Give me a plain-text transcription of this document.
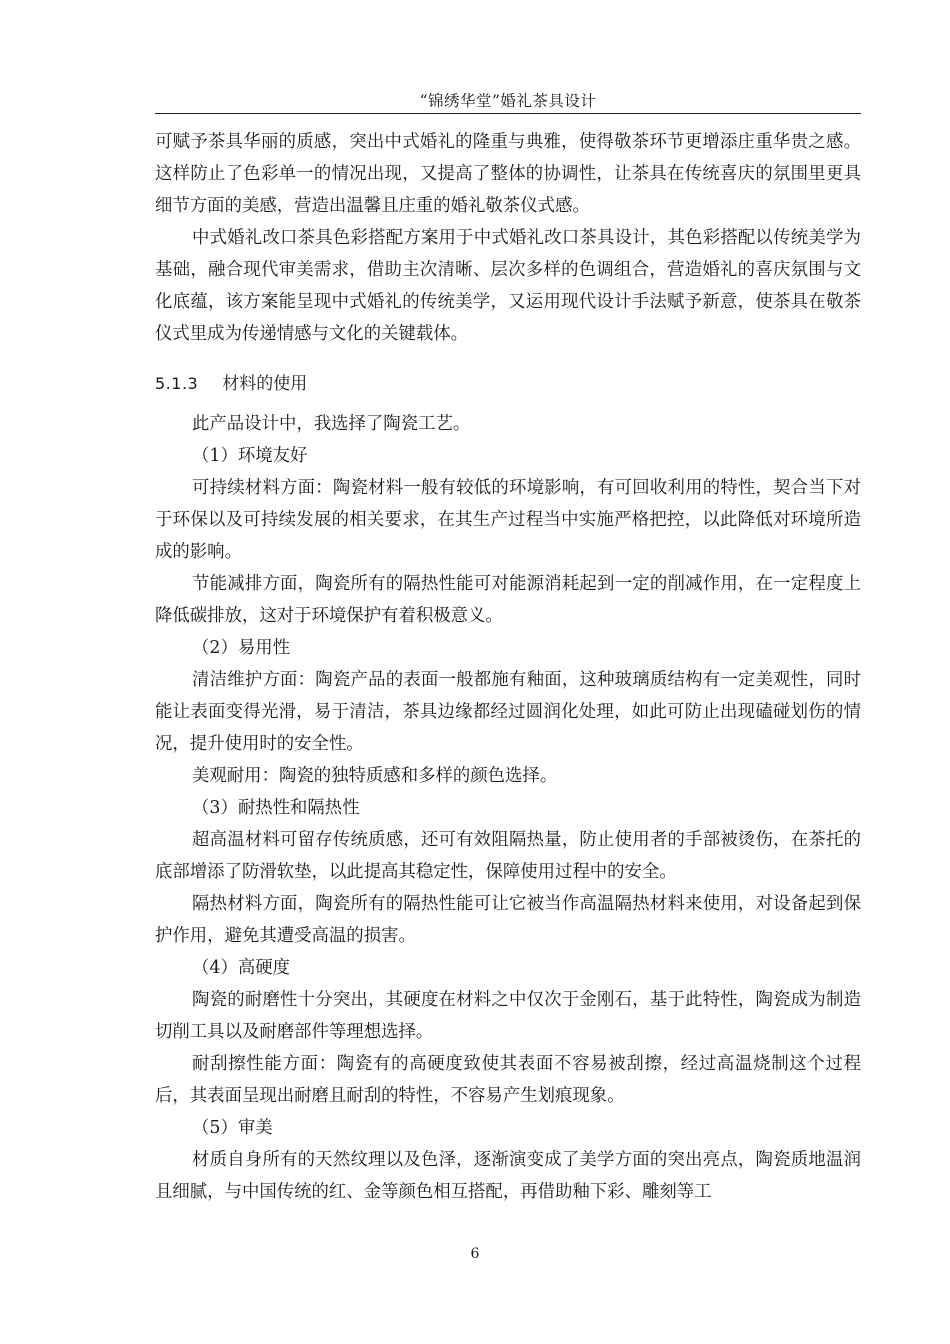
“锦绣华堂”婚礼茶具设计

可赋予茶具华丽的质感，突出中式婚礼的隆重与典雅，使得敬茶环节更增添庄重华贵之感。这样防止了色彩单一的情况出现，又提高了整体的协调性，让茶具在传统喜庆的氛围里更具细节方面的美感，营造出温馨且庄重的婚礼敬茶仪式感。

中式婚礼改口茶具色彩搭配方案用于中式婚礼改口茶具设计，其色彩搭配以传统美学为基础，融合现代审美需求，借助主次清晰、层次多样的色调组合，营造婚礼的喜庆氛围与文化底蕴，该方案能呈现中式婚礼的传统美学，又运用现代设计手法赋予新意，使茶具在敬茶仪式里成为传递情感与文化的关键载体。

5.1.3 材料的使用

此产品设计中，我选择了陶瓷工艺。

（1）环境友好

可持续材料方面：陶瓷材料一般有较低的环境影响，有可回收利用的特性，契合当下对于环保以及可持续发展的相关要求，在其生产过程当中实施严格把控，以此降低对环境所造成的影响。

节能减排方面，陶瓷所有的隔热性能可对能源消耗起到一定的削减作用，在一定程度上降低碳排放，这对于环境保护有着积极意义。

（2）易用性

清洁维护方面：陶瓷产品的表面一般都施有釉面，这种玻璃质结构有一定美观性，同时能让表面变得光滑，易于清洁，茶具边缘都经过圆润化处理，如此可防止出现磕碰划伤的情况，提升使用时的安全性。

美观耐用：陶瓷的独特质感和多样的颜色选择。

（3）耐热性和隔热性

超高温材料可留存传统质感，还可有效阻隔热量，防止使用者的手部被烫伤，在茶托的底部增添了防滑软垫，以此提高其稳定性，保障使用过程中的安全。

隔热材料方面，陶瓷所有的隔热性能可让它被当作高温隔热材料来使用，对设备起到保护作用，避免其遭受高温的损害。

（4）高硬度

陶瓷的耐磨性十分突出，其硬度在材料之中仅次于金刚石，基于此特性，陶瓷成为制造切削工具以及耐磨部件等理想选择。

耐刮擦性能方面：陶瓷有的高硬度致使其表面不容易被刮擦，经过高温烧制这个过程后，其表面呈现出耐磨且耐刮的特性，不容易产生划痕现象。

（5）审美

材质自身所有的天然纹理以及色泽，逐渐演变成了美学方面的突出亮点，陶瓷质地温润且细腻，与中国传统的红、金等颜色相互搭配，再借助釉下彩、雕刻等工

6
